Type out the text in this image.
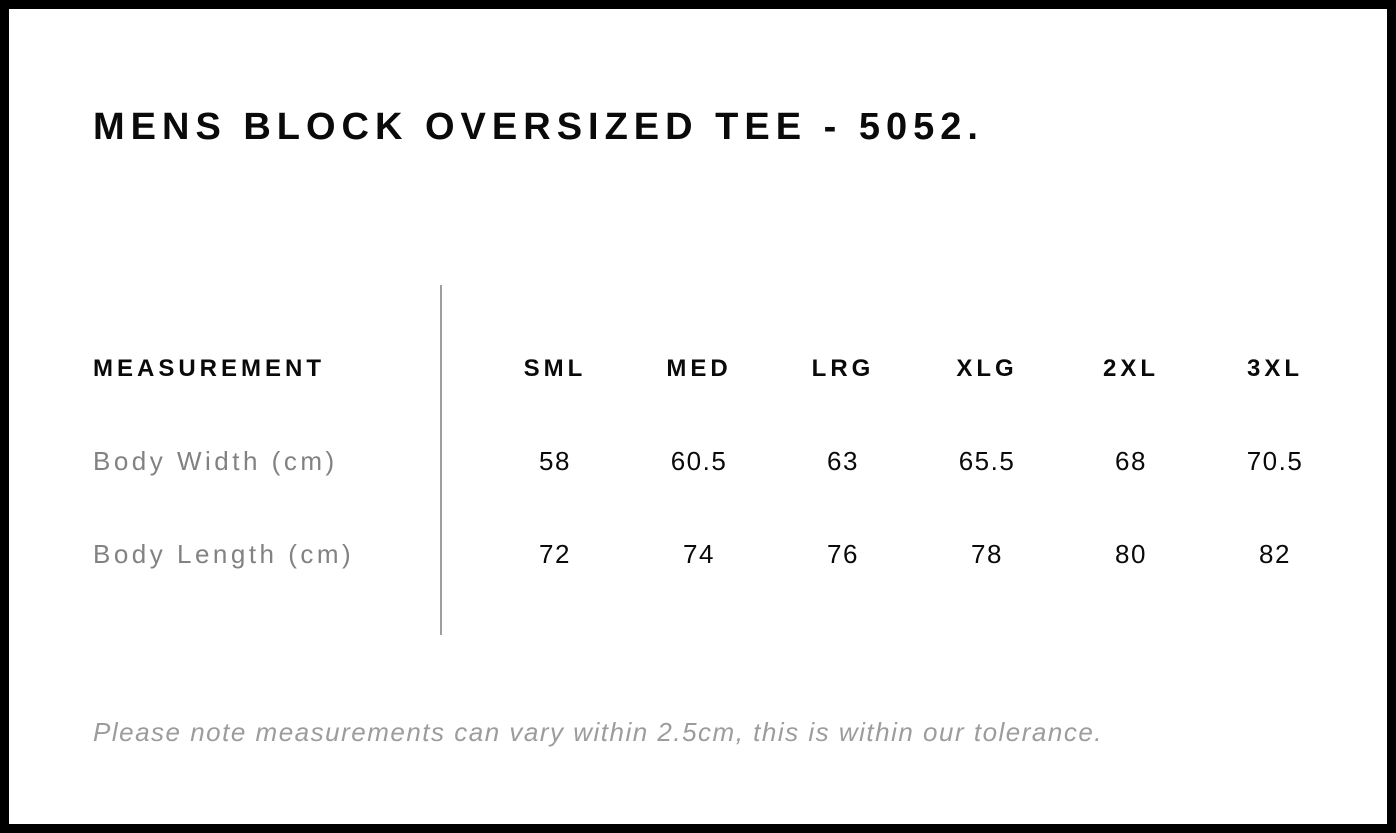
MENS BLOCK OVERSIZED TEE - 5052.
MEASUREMENT	SML	MED	LRG	XLG	2XL	3XL
Body Width (cm)	58	60.5	63	65.5	68	70.5
Body Length (cm)	72	74	76	78	80	82

Please note measurements can vary within 2.5cm, this is within our tolerance.
